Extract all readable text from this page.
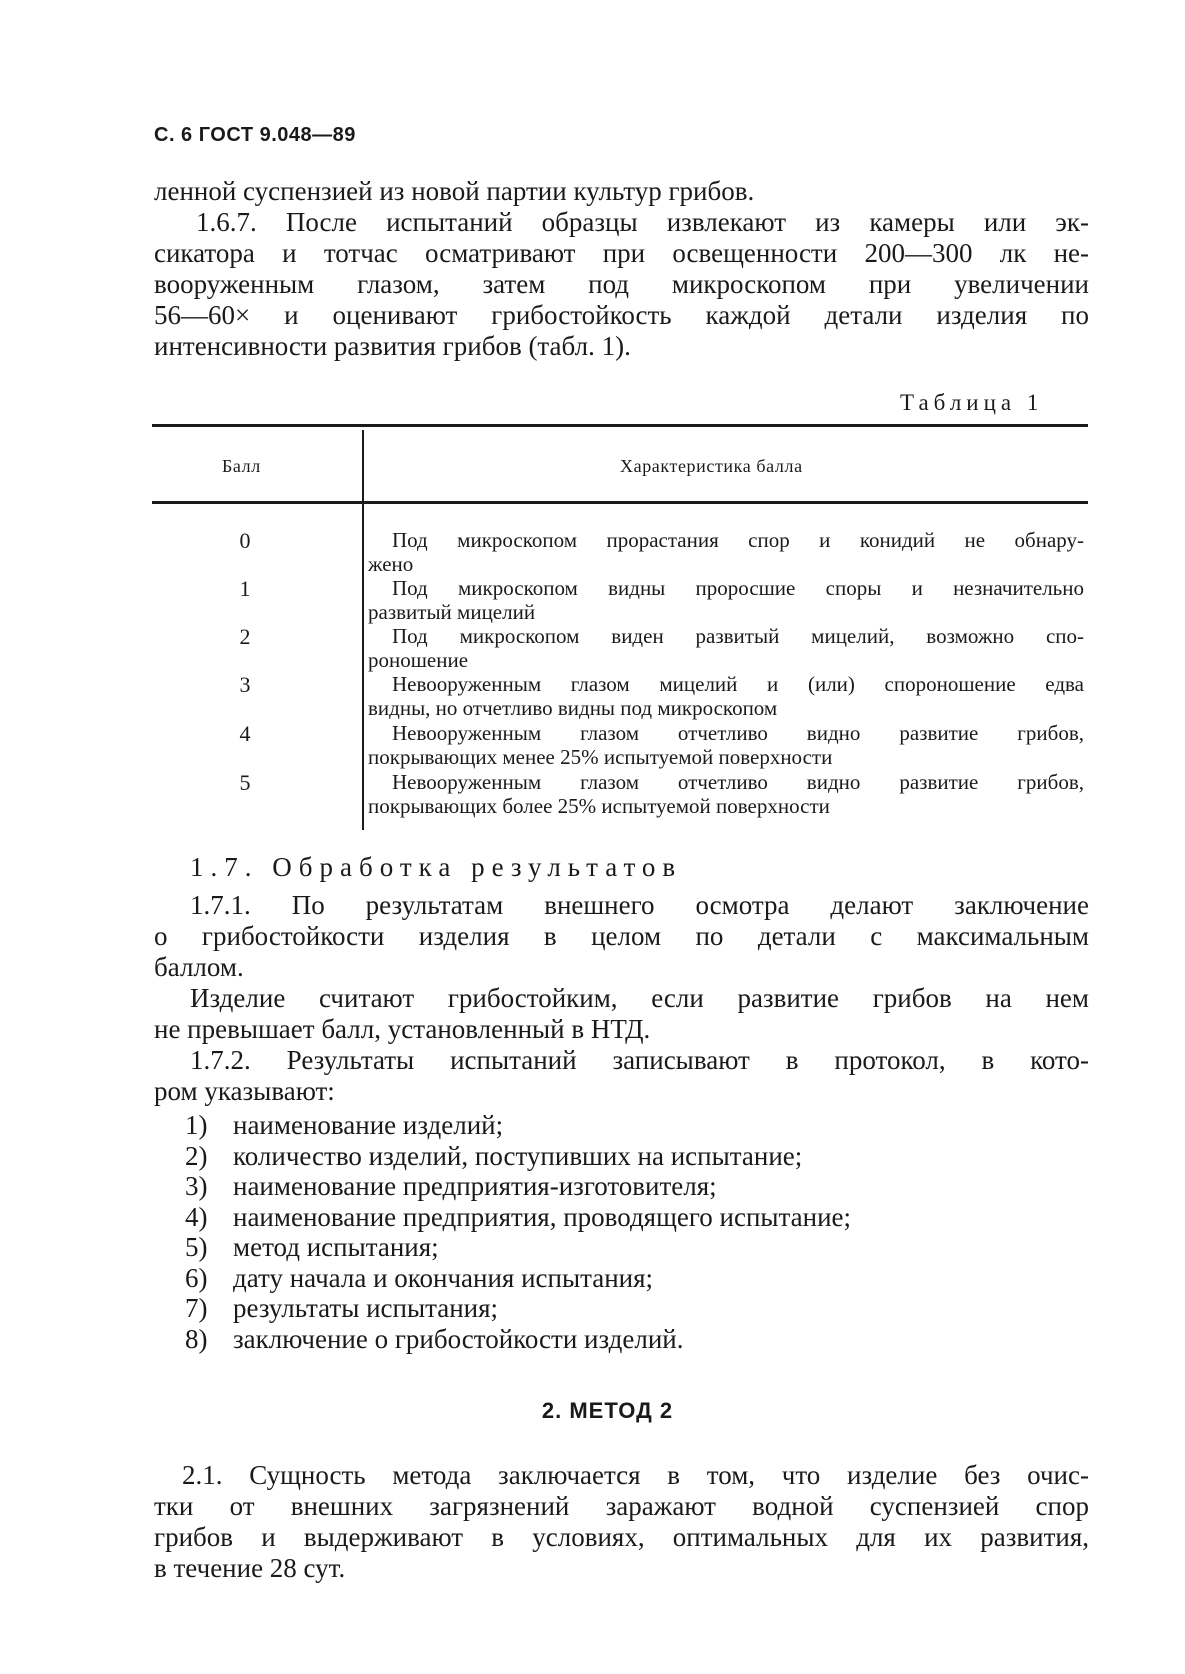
С. 6 ГОСТ 9.048—89
ленной суспензией из новой партии культур грибов.
1.6.7. После испытаний образцы извлекают из камеры или эк-
сикатора и тотчас осматривают при освещенности 200—300 лк не-
вооруженным глазом, затем под микроскопом при увеличении
56—60× и оценивают грибостойкость каждой детали изделия по
интенсивности развития грибов (табл. 1).
Таблица 1
Балл	Характеристика балла
0	Под микроскопом прорастания спор и конидий не обнару-
жено
1	Под микроскопом видны проросшие споры и незначительно
развитый мицелий
2	Под микроскопом виден развитый мицелий, возможно спо-
роношение
3	Невооруженным глазом мицелий и (или) спороношение едва
видны, но отчетливо видны под микроскопом
4	Невооруженным глазом отчетливо видно развитие грибов,
покрывающих менее 25% испытуемой поверхности
5	Невооруженным глазом отчетливо видно развитие грибов,
покрывающих более 25% испытуемой поверхности
1.7. Обработка результатов
1.7.1. По результатам внешнего осмотра делают заключение
о грибостойкости изделия в целом по детали с максимальным
баллом.
Изделие считают грибостойким, если развитие грибов на нем
не превышает балл, установленный в НТД.
1.7.2. Результаты испытаний записывают в протокол, в кото-
ром указывают:
1) наименование изделий;
2) количество изделий, поступивших на испытание;
3) наименование предприятия-изготовителя;
4) наименование предприятия, проводящего испытание;
5) метод испытания;
6) дату начала и окончания испытания;
7) результаты испытания;
8) заключение о грибостойкости изделий.
2. МЕТОД 2
2.1. Сущность метода заключается в том, что изделие без очис-
тки от внешних загрязнений заражают водной суспензией спор
грибов и выдерживают в условиях, оптимальных для их развития,
в течение 28 сут.
